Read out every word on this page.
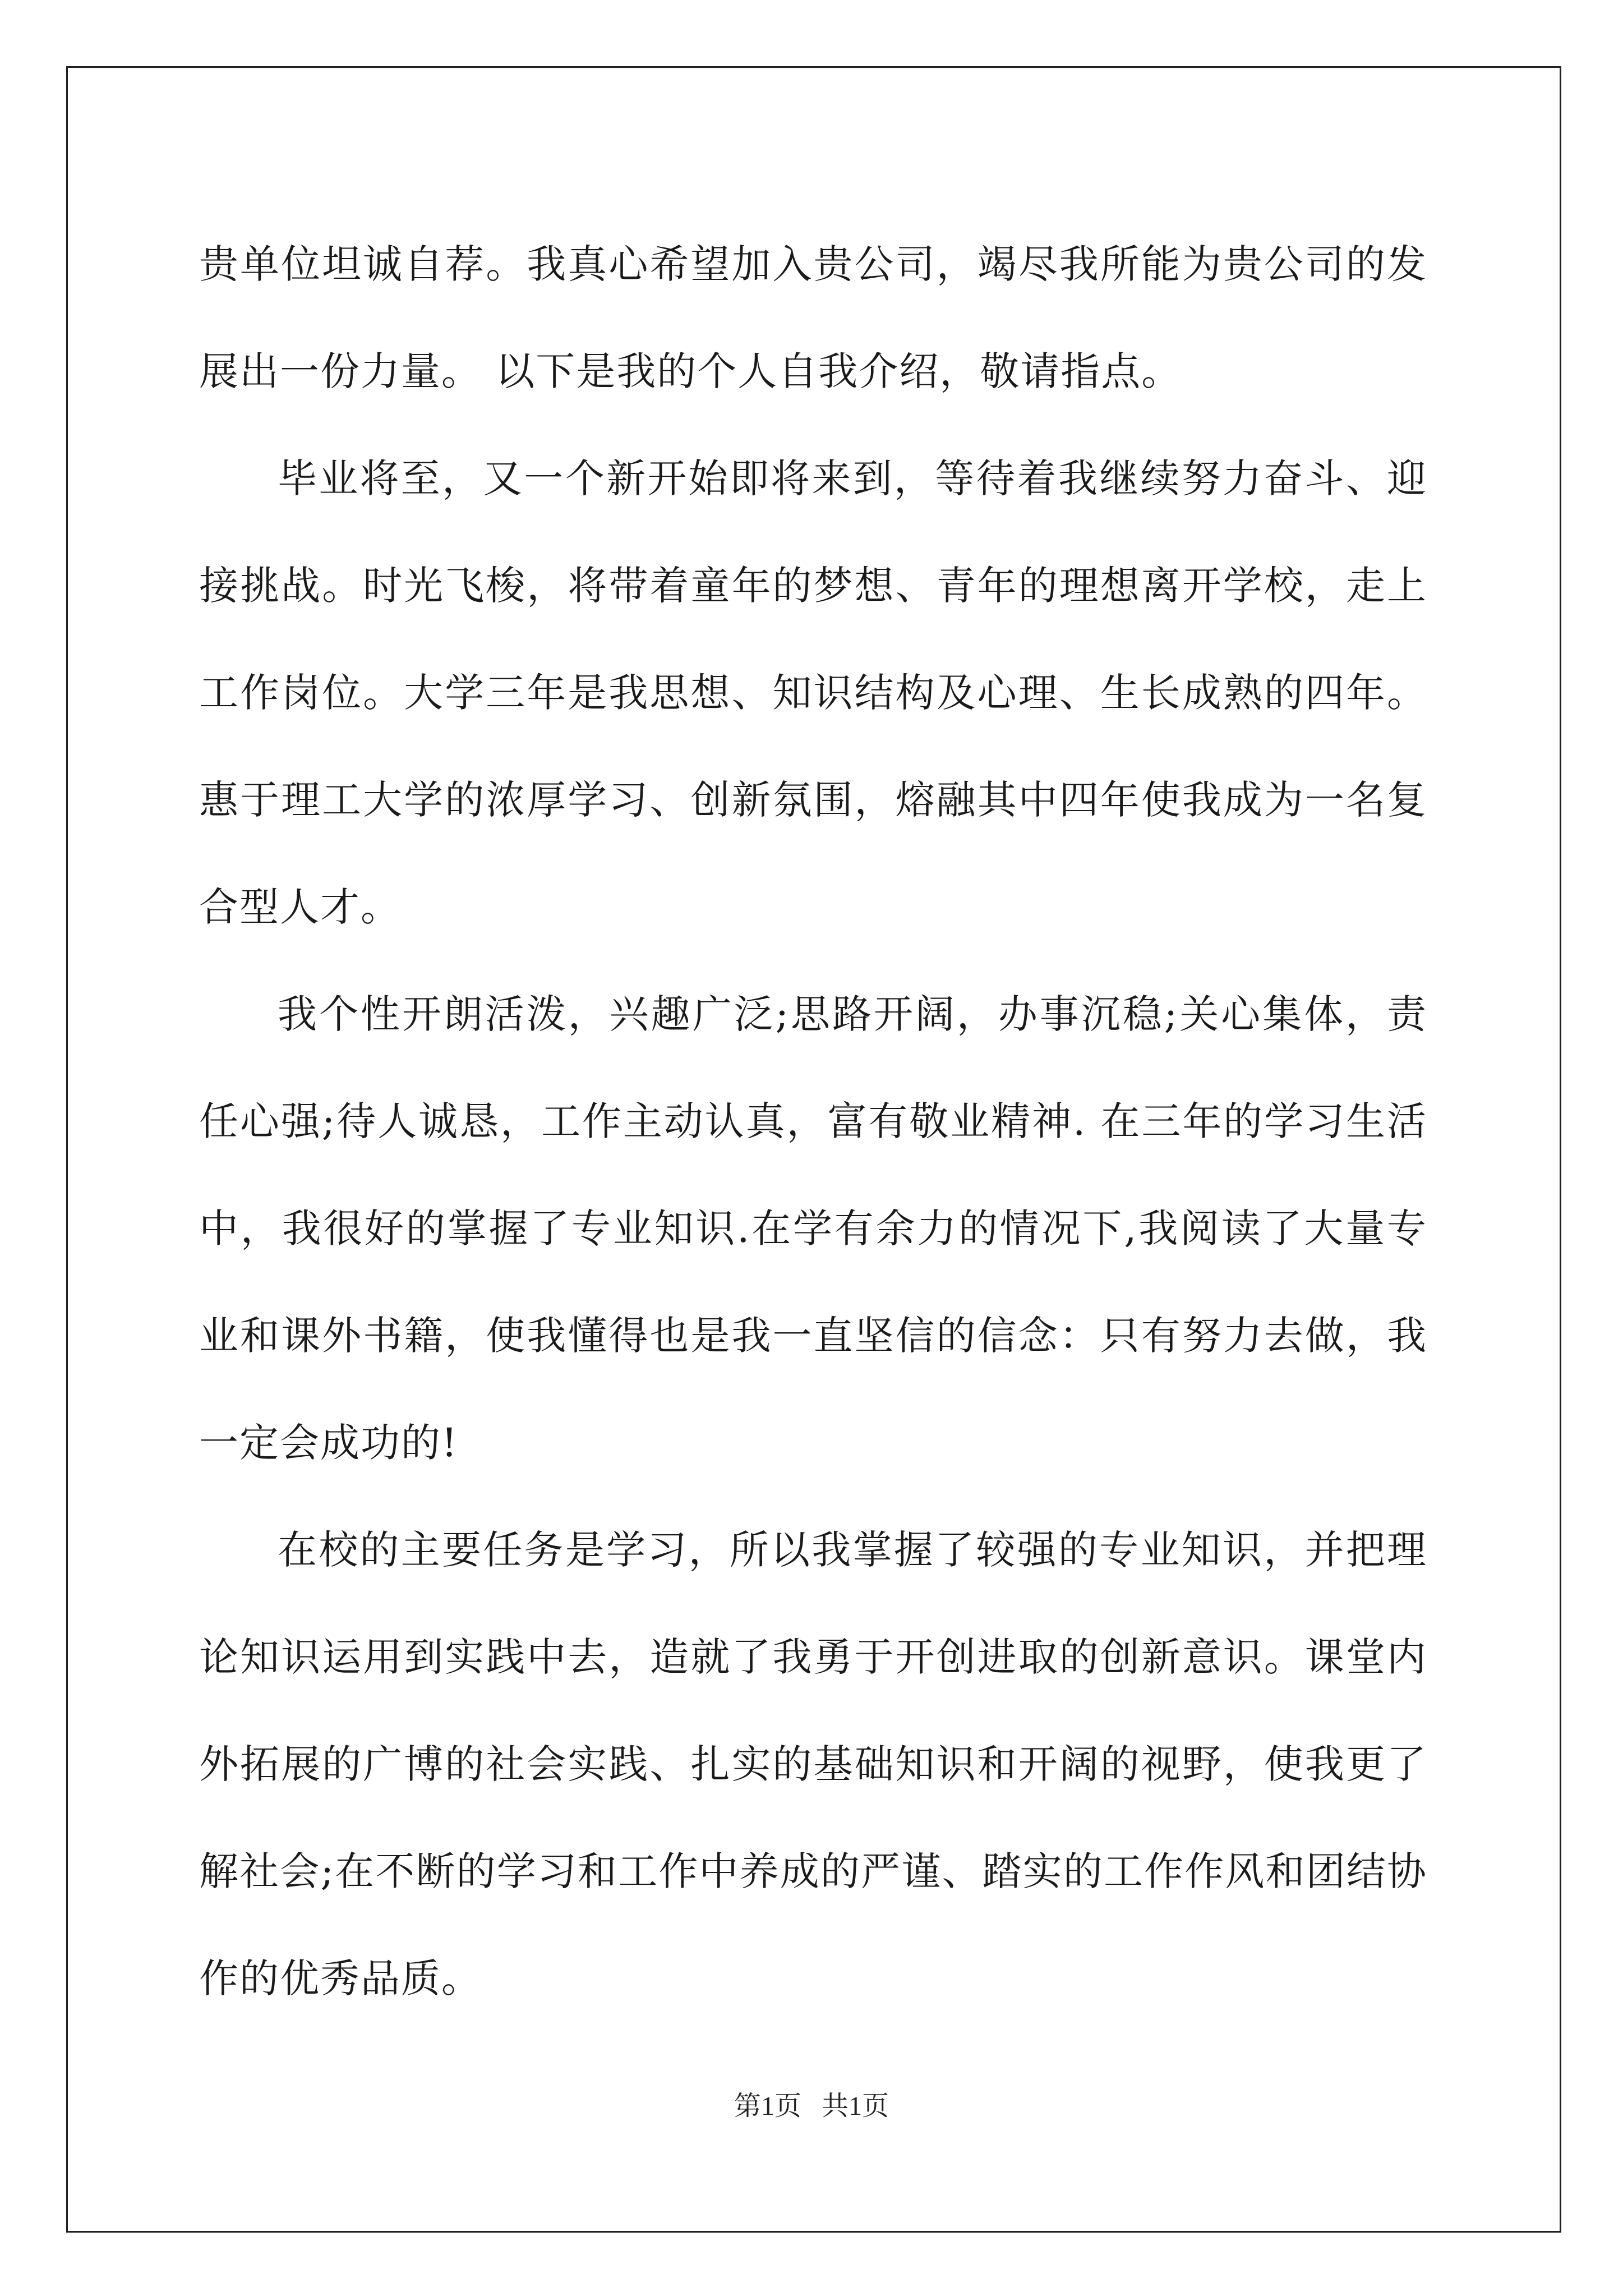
贵单位坦诚自荐。我真心希望加入贵公司，竭尽我所能为贵公司的发
展出一份力量。 以下是我的个人自我介绍，敬请指点。
毕业将至，又一个新开始即将来到，等待着我继续努力奋斗、迎
接挑战。时光飞梭，将带着童年的梦想、青年的理想离开学校，走上
工作岗位。大学三年是我思想、知识结构及心理、生长成熟的四年。
惠于理工大学的浓厚学习、创新氛围，熔融其中四年使我成为一名复
合型人才。
我个性开朗活泼，兴趣广泛;思路开阔，办事沉稳;关心集体，责
任心强;待人诚恳，工作主动认真，富有敬业精神. 在三年的学习生活
中，我很好的掌握了专业知识.在学有余力的情况下,我阅读了大量专
业和课外书籍，使我懂得也是我一直坚信的信念：只有努力去做，我
一定会成功的!
在校的主要任务是学习，所以我掌握了较强的专业知识，并把理
论知识运用到实践中去，造就了我勇于开创进取的创新意识。课堂内
外拓展的广博的社会实践、扎实的基础知识和开阔的视野，使我更了
解社会;在不断的学习和工作中养成的严谨、踏实的工作作风和团结协
作的优秀品质。
第1页 共1页
